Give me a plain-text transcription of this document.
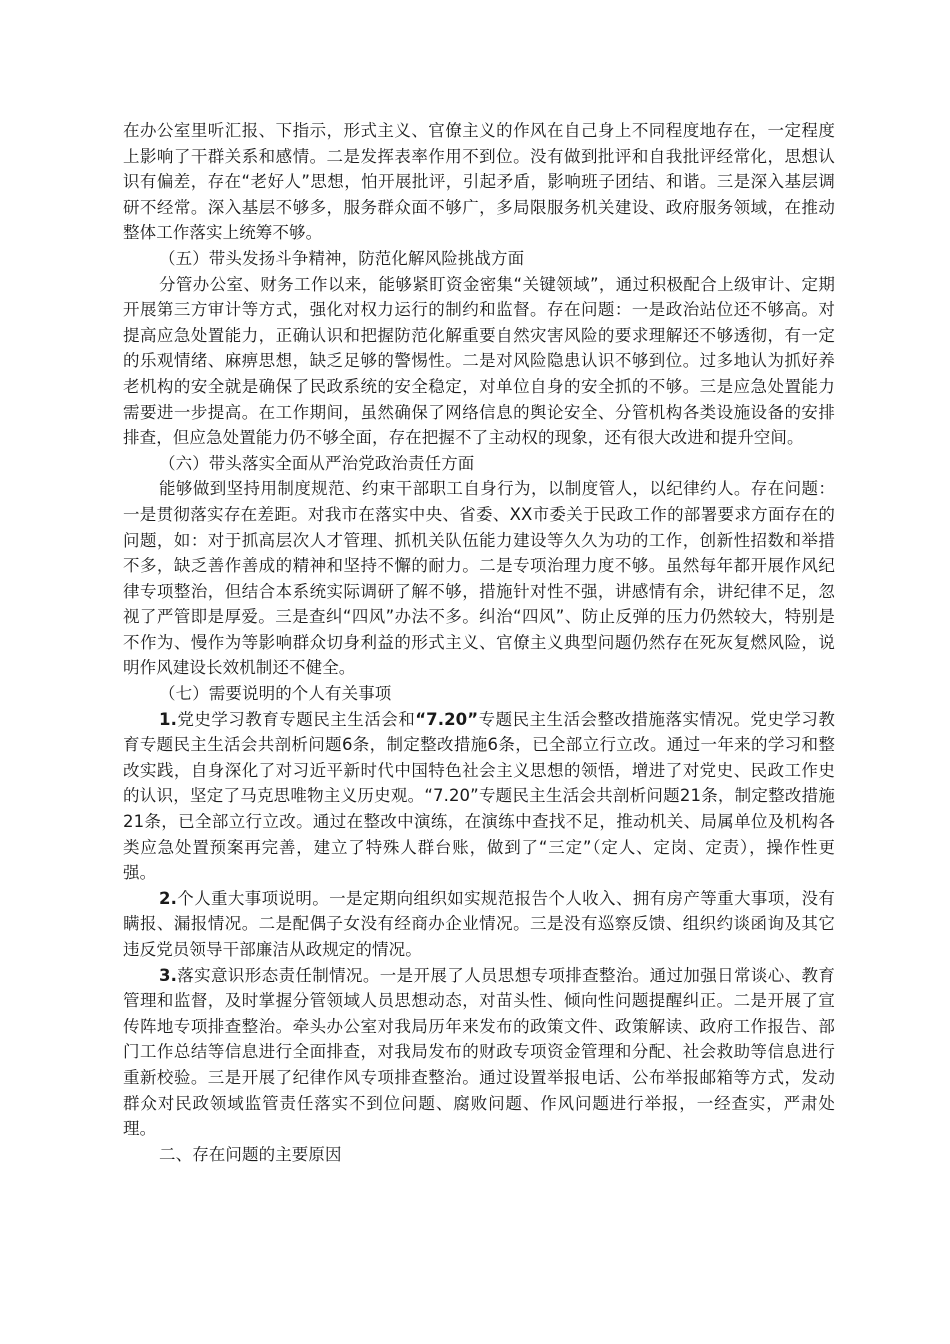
在办公室里听汇报、下指示，形式主义、官僚主义的作风在自己身上不同程度地存在，一定程度上影响了干群关系和感情。二是发挥表率作用不到位。没有做到批评和自我批评经常化，思想认识有偏差，存在“老好人”思想，怕开展批评，引起矛盾，影响班子团结、和谐。三是深入基层调研不经常。深入基层不够多，服务群众面不够广，多局限服务机关建设、政府服务领域，在推动整体工作落实上统筹不够。

（五）带头发扬斗争精神，防范化解风险挑战方面

分管办公室、财务工作以来，能够紧盯资金密集“关键领域”，通过积极配合上级审计、定期开展第三方审计等方式，强化对权力运行的制约和监督。存在问题：一是政治站位还不够高。对提高应急处置能力，正确认识和把握防范化解重要自然灾害风险的要求理解还不够透彻，有一定的乐观情绪、麻痹思想，缺乏足够的警惕性。二是对风险隐患认识不够到位。过多地认为抓好养老机构的安全就是确保了民政系统的安全稳定，对单位自身的安全抓的不够。三是应急处置能力需要进一步提高。在工作期间，虽然确保了网络信息的舆论安全、分管机构各类设施设备的安排排查，但应急处置能力仍不够全面，存在把握不了主动权的现象，还有很大改进和提升空间。

（六）带头落实全面从严治党政治责任方面

能够做到坚持用制度规范、约束干部职工自身行为，以制度管人，以纪律约人。存在问题：一是贯彻落实存在差距。对我市在落实中央、省委、XX市委关于民政工作的部署要求方面存在的问题，如：对于抓高层次人才管理、抓机关队伍能力建设等久久为功的工作，创新性招数和举措不多，缺乏善作善成的精神和坚持不懈的耐力。二是专项治理力度不够。虽然每年都开展作风纪律专项整治，但结合本系统实际调研了解不够，措施针对性不强，讲感情有余，讲纪律不足，忽视了严管即是厚爱。三是查纠“四风”办法不多。纠治“四风”、防止反弹的压力仍然较大，特别是不作为、慢作为等影响群众切身利益的形式主义、官僚主义典型问题仍然存在死灰复燃风险，说明作风建设长效机制还不健全。

（七）需要说明的个人有关事项

1.党史学习教育专题民主生活会和“7.20”专题民主生活会整改措施落实情况。党史学习教育专题民主生活会共剖析问题6条，制定整改措施6条，已全部立行立改。通过一年来的学习和整改实践，自身深化了对习近平新时代中国特色社会主义思想的领悟，增进了对党史、民政工作史的认识，坚定了马克思唯物主义历史观。“7.20”专题民主生活会共剖析问题21条，制定整改措施21条，已全部立行立改。通过在整改中演练，在演练中查找不足，推动机关、局属单位及机构各类应急处置预案再完善，建立了特殊人群台账，做到了“三定”（定人、定岗、定责），操作性更强。

2.个人重大事项说明。一是定期向组织如实规范报告个人收入、拥有房产等重大事项，没有瞒报、漏报情况。二是配偶子女没有经商办企业情况。三是没有巡察反馈、组织约谈函询及其它违反党员领导干部廉洁从政规定的情况。

3.落实意识形态责任制情况。一是开展了人员思想专项排查整治。通过加强日常谈心、教育管理和监督，及时掌握分管领域人员思想动态，对苗头性、倾向性问题提醒纠正。二是开展了宣传阵地专项排查整治。牵头办公室对我局历年来发布的政策文件、政策解读、政府工作报告、部门工作总结等信息进行全面排查，对我局发布的财政专项资金管理和分配、社会救助等信息进行重新校验。三是开展了纪律作风专项排查整治。通过设置举报电话、公布举报邮箱等方式，发动群众对民政领域监管责任落实不到位问题、腐败问题、作风问题进行举报，一经查实，严肃处理。

二、存在问题的主要原因
